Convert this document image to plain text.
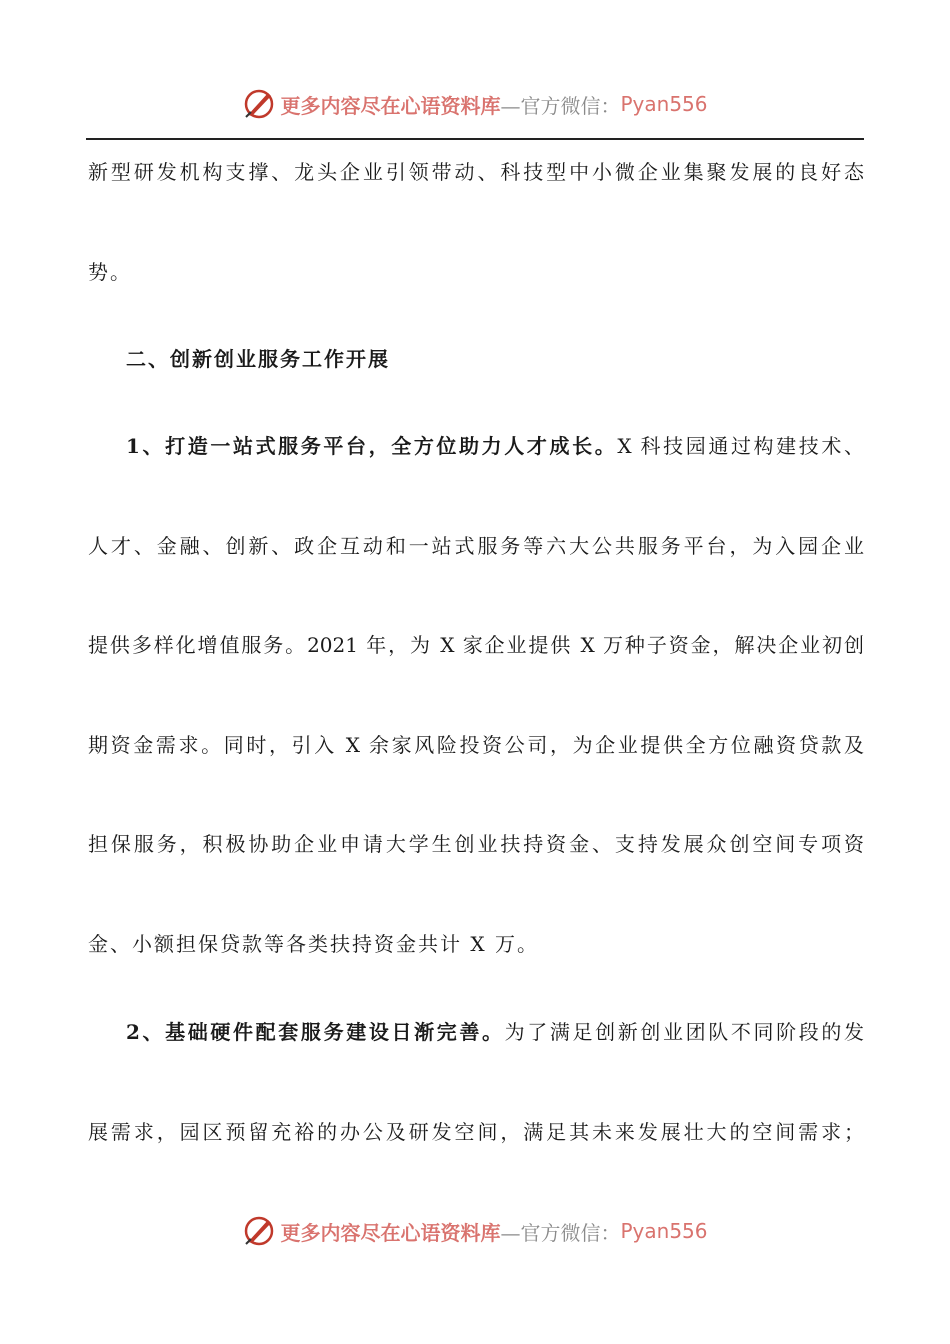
更多内容尽在心语资料库 —官方微信： Pyan556
新型研发机构支撑、龙头企业引领带动、科技型中小微企业集聚发展的良好态
势。
二、创新创业服务工作开展
1、打造一站式服务平台，全方位助力人才成长。X 科技园通过构建技术、
人才、金融、创新、政企互动和一站式服务等六大公共服务平台，为入园企业
提供多样化增值服务。2021 年，为 X 家企业提供 X 万种子资金，解决企业初创
期资金需求。同时，引入 X 余家风险投资公司，为企业提供全方位融资贷款及
担保服务，积极协助企业申请大学生创业扶持资金、支持发展众创空间专项资
金、小额担保贷款等各类扶持资金共计 X 万。
2、基础硬件配套服务建设日渐完善。为了满足创新创业团队不同阶段的发
展需求，园区预留充裕的办公及研发空间，满足其未来发展壮大的空间需求；
更多内容尽在心语资料库 —官方微信： Pyan556
